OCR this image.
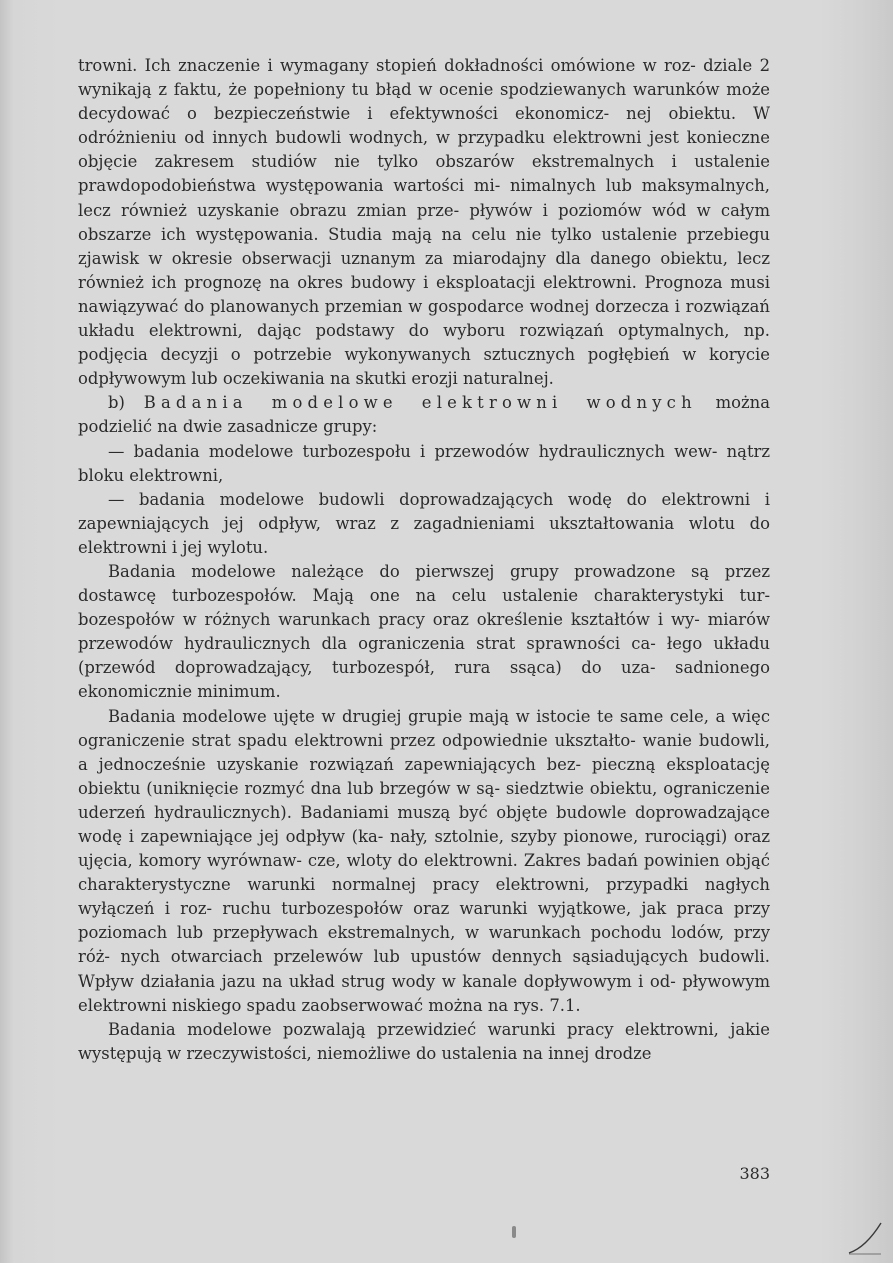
trowni. Ich znaczenie i wymagany stopień dokładności omówione w roz- dziale 2 wynikają z faktu, że popełniony tu błąd w ocenie spodziewanych warunków może decydować o bezpieczeństwie i efektywności ekonomicz- nej obiektu. W odróżnieniu od innych budowli wodnych, w przypadku elektrowni jest konieczne objęcie zakresem studiów nie tylko obszarów ekstremalnych i ustalenie prawdopodobieństwa występowania wartości mi- nimalnych lub maksymalnych, lecz również uzyskanie obrazu zmian prze- pływów i poziomów wód w całym obszarze ich występowania. Studia mają na celu nie tylko ustalenie przebiegu zjawisk w okresie obserwacji uznanym za miarodajny dla danego obiektu, lecz również ich prognozę na okres budowy i eksploatacji elektrowni. Prognoza musi nawiązywać do planowanych przemian w gospodarce wodnej dorzecza i rozwiązań układu elektrowni, dając podstawy do wyboru rozwiązań optymalnych, np. podjęcia decyzji o potrzebie wykonywanych sztucznych pogłębień w korycie odpływowym lub oczekiwania na skutki erozji naturalnej.

b) Badania modelowe elektrowni wodnych można podzielić na dwie zasadnicze grupy:

— badania modelowe turbozespołu i przewodów hydraulicznych wew- nątrz bloku elektrowni,

— badania modelowe budowli doprowadzających wodę do elektrowni i zapewniających jej odpływ, wraz z zagadnieniami ukształtowania wlotu do elektrowni i jej wylotu.

Badania modelowe należące do pierwszej grupy prowadzone są przez dostawcę turbozespołów. Mają one na celu ustalenie charakterystyki tur- bozespołów w różnych warunkach pracy oraz określenie kształtów i wy- miarów przewodów hydraulicznych dla ograniczenia strat sprawności ca- łego układu (przewód doprowadzający, turbozespół, rura ssąca) do uza- sadnionego ekonomicznie minimum.

Badania modelowe ujęte w drugiej grupie mają w istocie te same cele, a więc ograniczenie strat spadu elektrowni przez odpowiednie ukształto- wanie budowli, a jednocześnie uzyskanie rozwiązań zapewniających bez- pieczną eksploatację obiektu (uniknięcie rozmyć dna lub brzegów w są- siedztwie obiektu, ograniczenie uderzeń hydraulicznych). Badaniami muszą być objęte budowle doprowadzające wodę i zapewniające jej odpływ (ka- nały, sztolnie, szyby pionowe, rurociągi) oraz ujęcia, komory wyrównaw- cze, wloty do elektrowni. Zakres badań powinien objąć charakterystyczne warunki normalnej pracy elektrowni, przypadki nagłych wyłączeń i roz- ruchu turbozespołów oraz warunki wyjątkowe, jak praca przy poziomach lub przepływach ekstremalnych, w warunkach pochodu lodów, przy róż- nych otwarciach przelewów lub upustów dennych sąsiadujących budowli. Wpływ działania jazu na układ strug wody w kanale dopływowym i od- pływowym elektrowni niskiego spadu zaobserwować można na rys. 7.1.

Badania modelowe pozwalają przewidzieć warunki pracy elektrowni, jakie występują w rzeczywistości, niemożliwe do ustalenia na innej drodze

383
